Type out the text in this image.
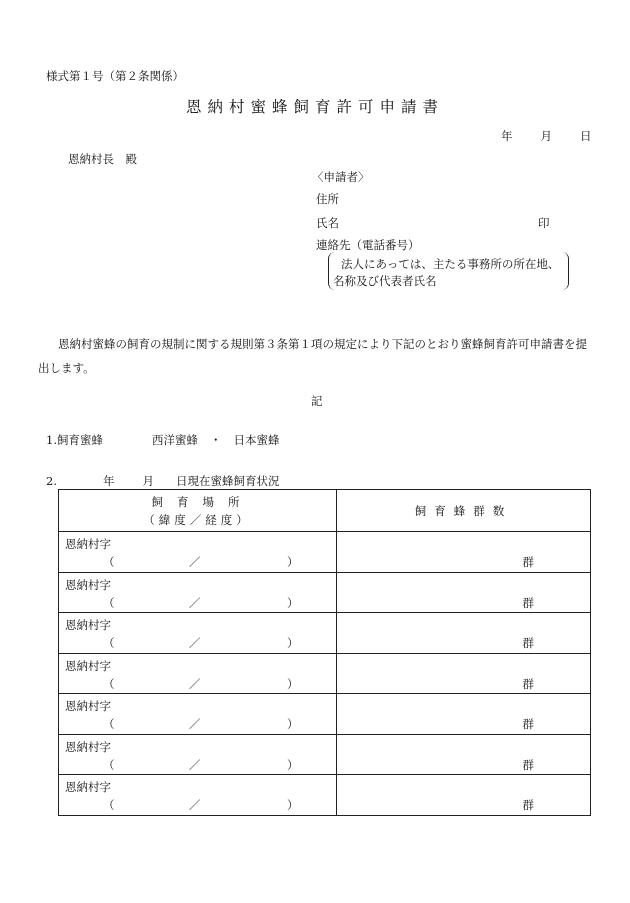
様式第１号（第２条関係）
恩納村蜜蜂飼育許可申請書
年 月 日
恩納村長　殿
〈申請者〉
住所
氏名	印
連絡先（電話番号）
法人にあっては、主たる事務所の所在地、
名称及び代表者氏名
恩納村蜜蜂の飼育の規制に関する規則第３条第１項の規定により下記のとおり蜜蜂飼育許可申請書を提出します。
記
1.飼育蜜蜂	西洋蜜蜂 ・ 日本蜜蜂
2.	年 月 日現在蜜蜂飼育状況
飼育場所
（緯度／経度）	飼育蜂群数

恩納村字
（ ／ ）	群

恩納村字
（ ／ ）	群

恩納村字
（ ／ ）	群

恩納村字
（ ／ ）	群

恩納村字
（ ／ ）	群

恩納村字
（ ／ ）	群

恩納村字
（ ／ ）	群
